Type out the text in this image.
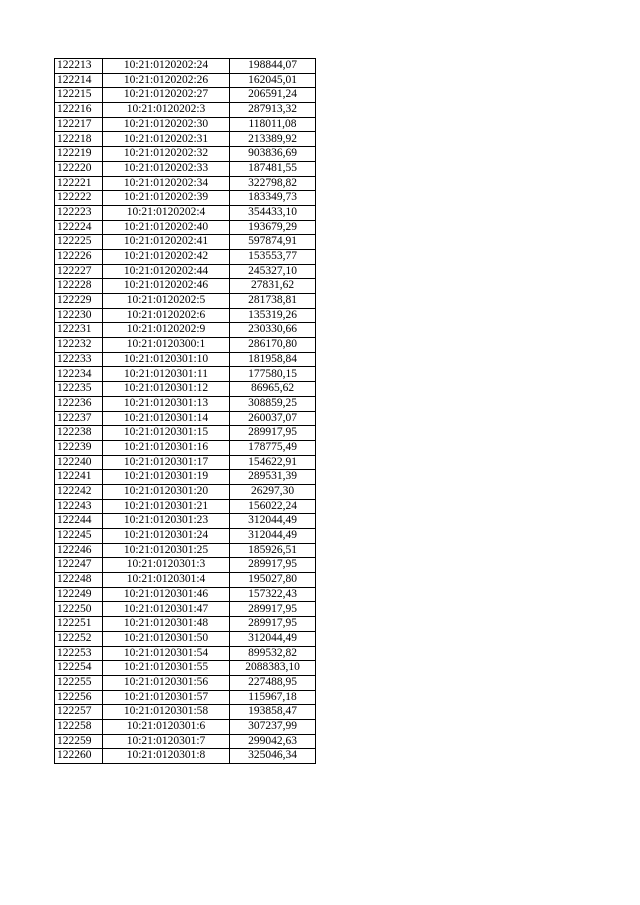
122213	10:21:0120202:24	198844,07
122214	10:21:0120202:26	162045,01
122215	10:21:0120202:27	206591,24
122216	10:21:0120202:3	287913,32
122217	10:21:0120202:30	118011,08
122218	10:21:0120202:31	213389,92
122219	10:21:0120202:32	903836,69
122220	10:21:0120202:33	187481,55
122221	10:21:0120202:34	322798,82
122222	10:21:0120202:39	183349,73
122223	10:21:0120202:4	354433,10
122224	10:21:0120202:40	193679,29
122225	10:21:0120202:41	597874,91
122226	10:21:0120202:42	153553,77
122227	10:21:0120202:44	245327,10
122228	10:21:0120202:46	27831,62
122229	10:21:0120202:5	281738,81
122230	10:21:0120202:6	135319,26
122231	10:21:0120202:9	230330,66
122232	10:21:0120300:1	286170,80
122233	10:21:0120301:10	181958,84
122234	10:21:0120301:11	177580,15
122235	10:21:0120301:12	86965,62
122236	10:21:0120301:13	308859,25
122237	10:21:0120301:14	260037,07
122238	10:21:0120301:15	289917,95
122239	10:21:0120301:16	178775,49
122240	10:21:0120301:17	154622,91
122241	10:21:0120301:19	289531,39
122242	10:21:0120301:20	26297,30
122243	10:21:0120301:21	156022,24
122244	10:21:0120301:23	312044,49
122245	10:21:0120301:24	312044,49
122246	10:21:0120301:25	185926,51
122247	10:21:0120301:3	289917,95
122248	10:21:0120301:4	195027,80
122249	10:21:0120301:46	157322,43
122250	10:21:0120301:47	289917,95
122251	10:21:0120301:48	289917,95
122252	10:21:0120301:50	312044,49
122253	10:21:0120301:54	899532,82
122254	10:21:0120301:55	2088383,10
122255	10:21:0120301:56	227488,95
122256	10:21:0120301:57	115967,18
122257	10:21:0120301:58	193858,47
122258	10:21:0120301:6	307237,99
122259	10:21:0120301:7	299042,63
122260	10:21:0120301:8	325046,34
